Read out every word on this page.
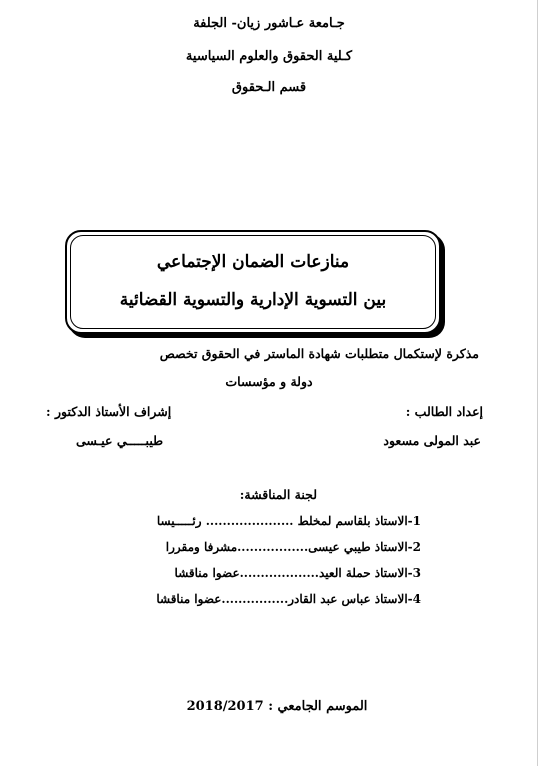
جـامعة عـاشور زيان- الجلفة
كـلية الحقوق والعلوم السياسية
قسم الـحقوق
منازعات الضمان الإجتماعي
بين التسوية الإدارية والتسوية القضائية
مذكرة لإستكمال متطلبات شهادة الماستر في الحقوق تخصص
دولة و مؤسسات
إعداد الطالب :
إشراف الأستاذ الدكتور :
عبد المولى مسعود
طيبـــــي عيـسى
لجنة المناقشة:
1-الاستاذ بلقاسم لمخلط ..................... رئـــــيسا
2-الاستاذ طيبي عيسى.................مشرفا ومقررا
3-الاستاذ حملة العيد...................عضوا مناقشا
4-الاستاذ عباس عبد القادر................عضوا مناقشا
الموسم الجامعي : 2018/2017
